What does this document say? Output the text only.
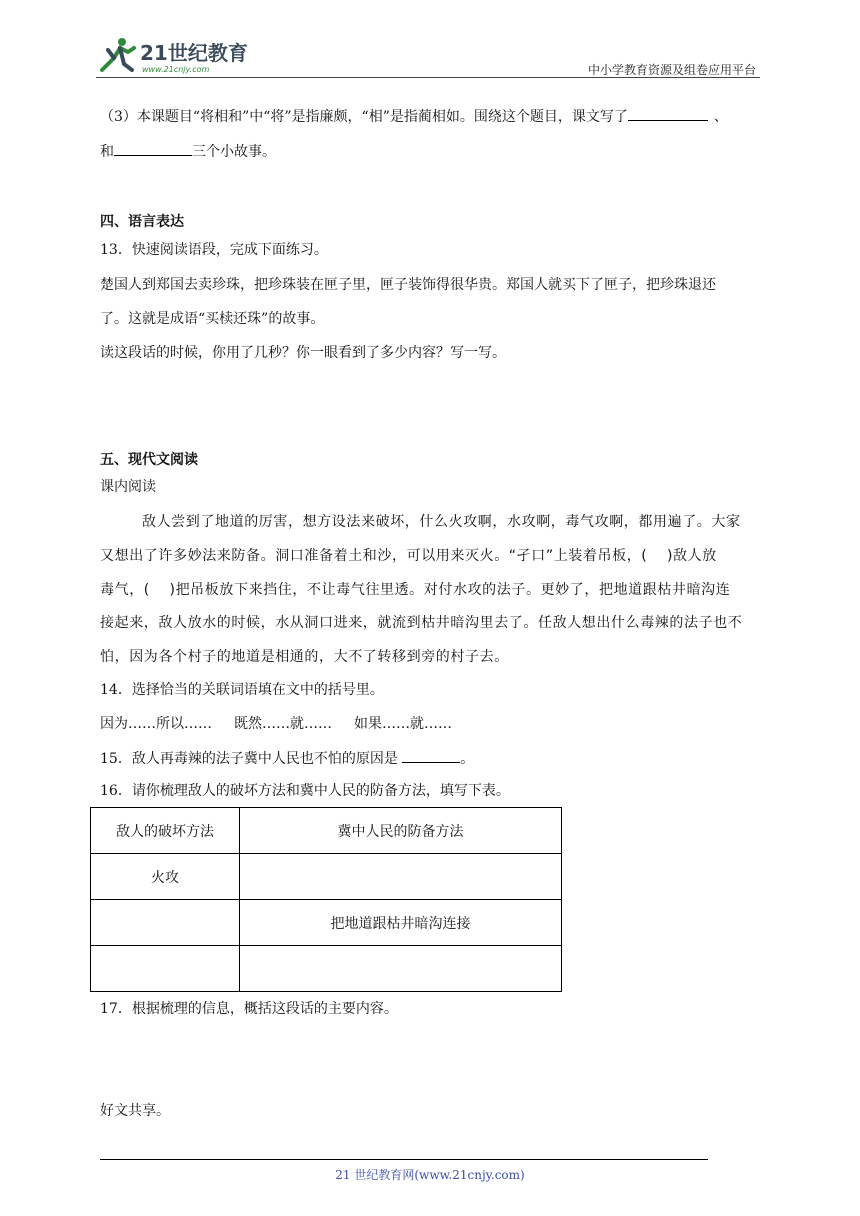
21世纪教育
www.21cnjy.com	中小学教育资源及组卷应用平台
（3）本课题目“将相和”中“将”是指廉颇，“相”是指蔺相如。围绕这个题目，课文写了	、
和	三个小故事。
四、语言表达
13．快速阅读语段，完成下面练习。
楚国人到郑国去卖珍珠，把珍珠装在匣子里，匣子装饰得很华贵。郑国人就买下了匣子，把珍珠退还
了。这就是成语“买椟还珠”的故事。
读这段话的时候，你用了几秒？你一眼看到了多少内容？写一写。
五、现代文阅读
课内阅读
敌人尝到了地道的厉害，想方设法来破坏，什么火攻啊，水攻啊，毒气攻啊，都用遍了。大家
又想出了许多妙法来防备。洞口准备着土和沙，可以用来灭火。“孑口”上装着吊板，(　 )敌人放
毒气，(　 )把吊板放下来挡住，不让毒气往里透。对付水攻的法子。更妙了，把地道跟枯井暗沟连
接起来，敌人放水的时候，水从洞口进来，就流到枯井暗沟里去了。任敌人想出什么毒辣的法子也不
怕，因为各个村子的地道是相通的，大不了转移到旁的村子去。
14．选择恰当的关联词语填在文中的括号里。
因为……所以…… 既然……就…… 如果……就……
15．敌人再毒辣的法子冀中人民也不怕的原因是	。
16．请你梳理敌人的破坏方法和冀中人民的防备方法，填写下表。
敌人的破坏方法	冀中人民的防备方法
火攻	
	把地道跟枯井暗沟连接

17．根据梳理的信息，概括这段话的主要内容。
好文共享。
21 世纪教育网(www.21cnjy.com)
